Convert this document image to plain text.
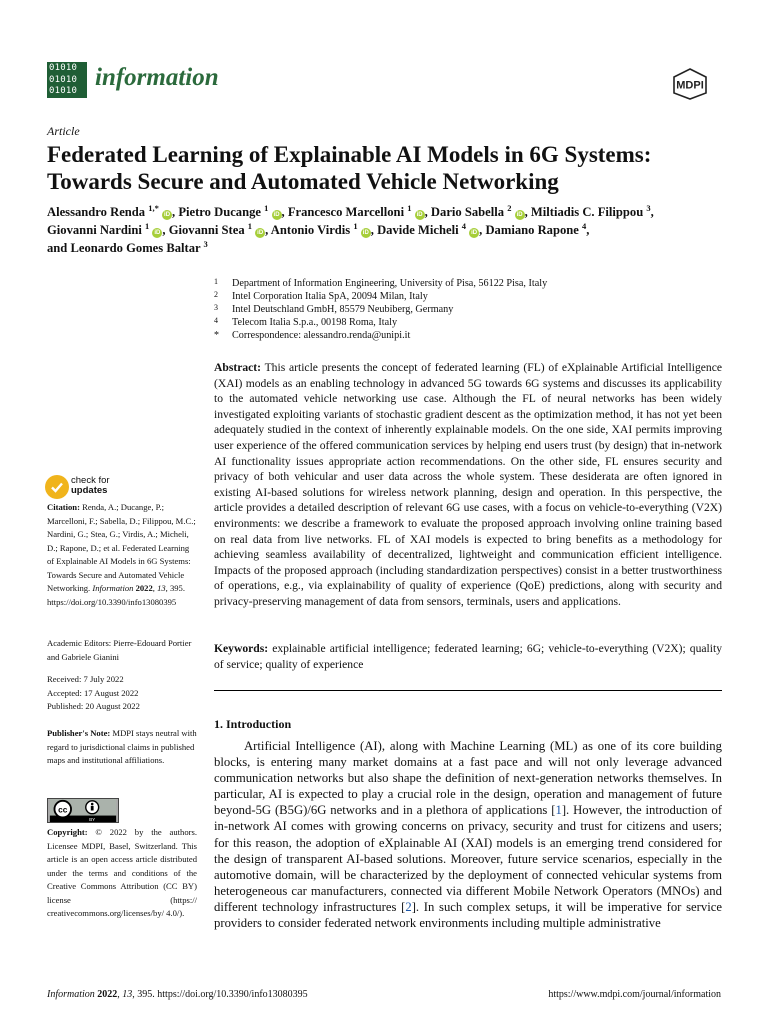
01010
01010
01010 information	MDPI
Article
Federated Learning of Explainable AI Models in 6G Systems: Towards Secure and Automated Vehicle Networking
Alessandro Renda $^{1,*}$ iD , Pietro Ducange $^1$ iD , Francesco Marcelloni $^1$ iD , Dario Sabella $^2$ iD , Miltiadis C. Filippou $^3$,
Giovanni Nardini $^1$ iD , Giovanni Stea $^1$ iD , Antonio Virdis $^1$ iD , Davide Micheli $^4$ iD , Damiano Rapone $^4$,
and Leonardo Gomes Baltar $^3$
1 Department of Information Engineering, University of Pisa, 56122 Pisa, Italy
2 Intel Corporation Italia SpA, 20094 Milan, Italy
3 Intel Deutschland GmbH, 85579 Neubiberg, Germany
4 Telecom Italia S.p.a., 00198 Roma, Italy
* Correspondence: alessandro.renda@unipi.it
Abstract: This article presents the concept of federated learning (FL) of eXplainable Artificial Intelligence (XAI) models as an enabling technology in advanced 5G towards 6G systems and discusses its applicability to the automated vehicle networking use case. Although the FL of neural networks has been widely investigated exploiting variants of stochastic gradient descent as the optimization method, it has not yet been adequately studied in the context of inherently explainable models. On the one side, XAI permits improving user experience of the offered communication services by helping end users trust (by design) that in-network AI functionality issues appropriate action recommendations. On the other side, FL ensures security and privacy of both vehicular and user data across the whole system. These desiderata are often ignored in existing AI-based solutions for wireless network planning, design and operation. In this perspective, the article provides a detailed description of relevant 6G use cases, with a focus on vehicle-to-everything (V2X) environments: we describe a framework to evaluate the proposed approach involving online training based on real data from live networks. FL of XAI models is expected to bring benefits as a methodology for achieving seamless availability of decentralized, lightweight and communication efficient intelligence. Impacts of the proposed approach (including standardization perspectives) consist in a better trustworthiness of operations, e.g., via explainability of quality of experience (QoE) predictions, along with security and privacy-preserving management of data from sensors, terminals, users and applications.
Keywords: explainable artificial intelligence; federated learning; 6G; vehicle-to-everything (V2X); quality of service; quality of experience
1. Introduction

Artificial Intelligence (AI), along with Machine Learning (ML) as one of its core building blocks, is entering many market domains at a fast pace and will not only leverage advanced communication networks but also shape the definition of next-generation networks themselves. In particular, AI is expected to play a crucial role in the design, operation and management of future beyond-5G (B5G)/6G networks and in a plethora of applications [1]. However, the introduction of in-network AI comes with growing concerns on privacy, security and trust for citizens and users; for this reason, the adoption of eXplainable AI (XAI) models is an emerging trend considered for the design of transparent AI-based solutions. Moreover, future service scenarios, especially in the automotive domain, will be characterized by the deployment of connected vehicular systems from heterogeneous car manufacturers, connected via different Mobile Network Operators (MNOs) and different technology infrastructures [2]. In such complex setups, it will be imperative for service providers to consider federated network environments including multiple administrative

check for
updates
Citation: Renda, A.; Ducange, P.; Marcelloni, F.; Sabella, D.; Filippou, M.C.; Nardini, G.; Stea, G.; Virdis, A.; Micheli, D.; Rapone, D.; et al. Federated Learning of Explainable AI Models in 6G Systems: Towards Secure and Automated Vehicle Networking. Information 2022, 13, 395. https://doi.org/10.3390/info13080395
Academic Editors: Pierre-Edouard Portier and Gabriele Gianini
Received: 7 July 2022
Accepted: 17 August 2022
Published: 20 August 2022
Publisher's Note: MDPI stays neutral with regard to jurisdictional claims in published maps and institutional affiliations.
cc
BY
Copyright: © 2022 by the authors. Licensee MDPI, Basel, Switzerland. This article is an open access article distributed under the terms and conditions of the Creative Commons Attribution (CC BY) license (https:// creativecommons.org/licenses/by/ 4.0/).
Information 2022, 13, 395. https://doi.org/10.3390/info13080395	https://www.mdpi.com/journal/information
